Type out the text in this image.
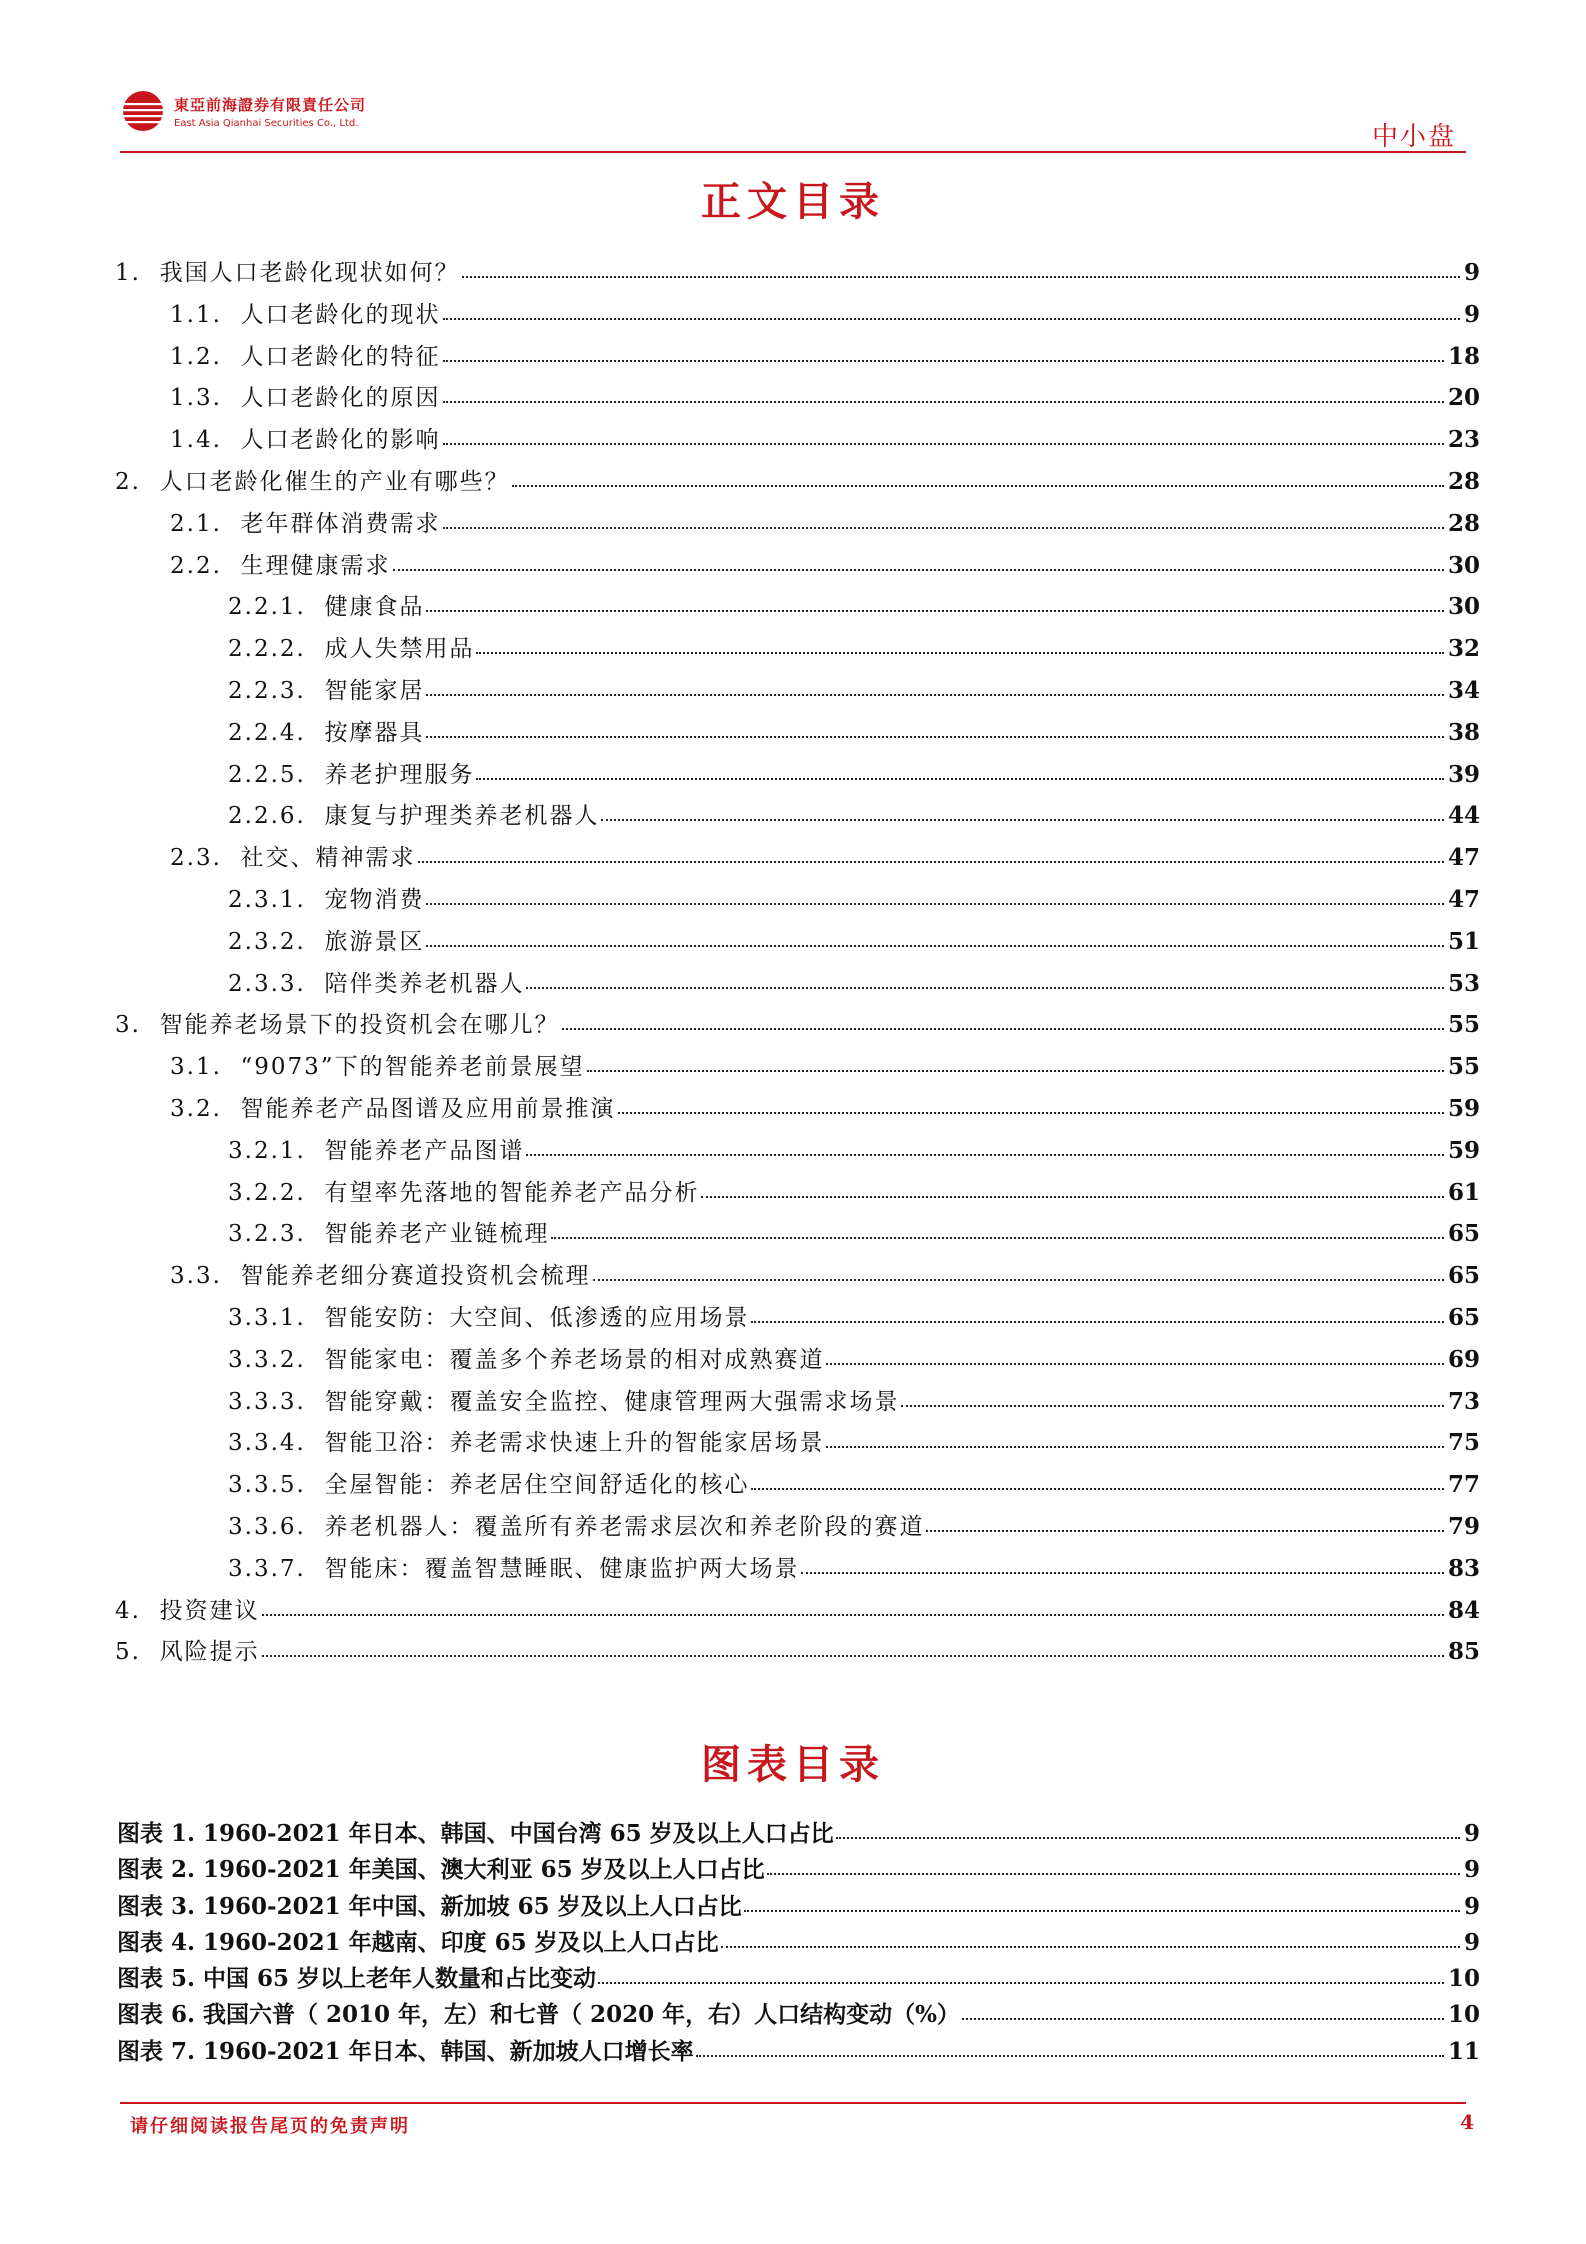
東亞前海證券有限責任公司
East Asia Qianhai Securities Co., Ltd.	中小盘
正文目录
1. 我国人口老龄化现状如何？	9
1.1. 人口老龄化的现状	9
1.2. 人口老龄化的特征	18
1.3. 人口老龄化的原因	20
1.4. 人口老龄化的影响	23
2. 人口老龄化催生的产业有哪些？	28
2.1. 老年群体消费需求	28
2.2. 生理健康需求	30
2.2.1. 健康食品	30
2.2.2. 成人失禁用品	32
2.2.3. 智能家居	34
2.2.4. 按摩器具	38
2.2.5. 养老护理服务	39
2.2.6. 康复与护理类养老机器人	44
2.3. 社交、精神需求	47
2.3.1. 宠物消费	47
2.3.2. 旅游景区	51
2.3.3. 陪伴类养老机器人	53
3. 智能养老场景下的投资机会在哪儿？	55
3.1. “9073”下的智能养老前景展望	55
3.2. 智能养老产品图谱及应用前景推演	59
3.2.1. 智能养老产品图谱	59
3.2.2. 有望率先落地的智能养老产品分析	61
3.2.3. 智能养老产业链梳理	65
3.3. 智能养老细分赛道投资机会梳理	65
3.3.1. 智能安防：大空间、低渗透的应用场景	65
3.3.2. 智能家电：覆盖多个养老场景的相对成熟赛道	69
3.3.3. 智能穿戴：覆盖安全监控、健康管理两大强需求场景	73
3.3.4. 智能卫浴：养老需求快速上升的智能家居场景	75
3.3.5. 全屋智能：养老居住空间舒适化的核心	77
3.3.6. 养老机器人：覆盖所有养老需求层次和养老阶段的赛道	79
3.3.7. 智能床：覆盖智慧睡眠、健康监护两大场景	83
4. 投资建议	84
5. 风险提示	85
图表目录
图表 1. 1960-2021 年日本、韩国、中国台湾 65 岁及以上人口占比	9
图表 2. 1960-2021 年美国、澳大利亚 65 岁及以上人口占比	9
图表 3. 1960-2021 年中国、新加坡 65 岁及以上人口占比	9
图表 4. 1960-2021 年越南、印度 65 岁及以上人口占比	9
图表 5. 中国 65 岁以上老年人数量和占比变动	10
图表 6. 我国六普（ 2010 年，左）和七普（ 2020 年，右）人口结构变动（%）	10
图表 7. 1960-2021 年日本、韩国、新加坡人口增长率	11
请仔细阅读报告尾页的免责声明	4
